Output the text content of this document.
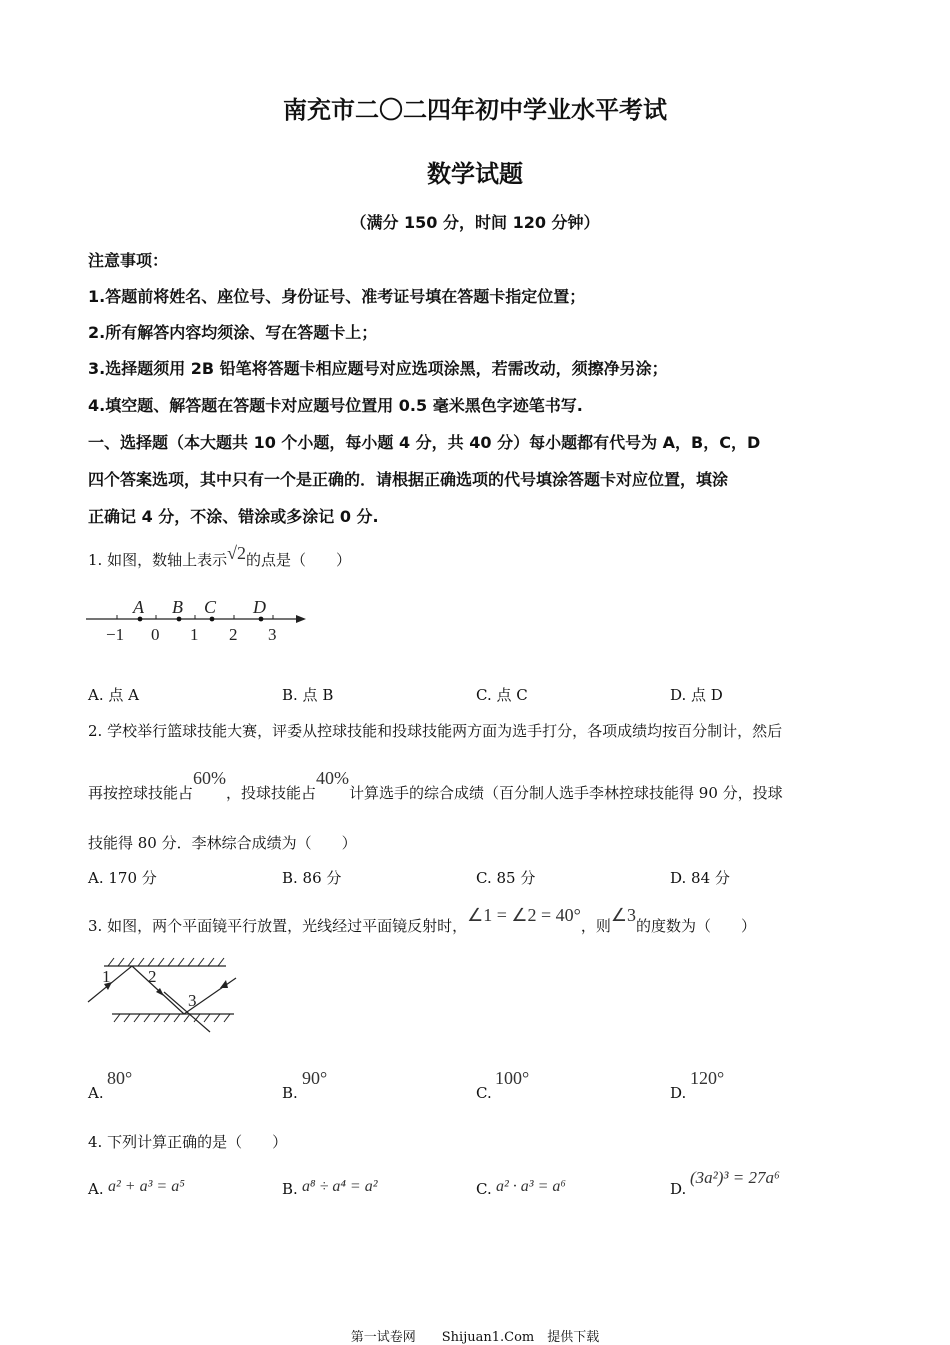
南充市二〇二四年初中学业水平考试
数学试题
（满分 150 分，时间 120 分钟）
注意事项：
1.答题前将姓名、座位号、身份证号、准考证号填在答题卡指定位置；
2.所有解答内容均须涂、写在答题卡上；
3.选择题须用 2B 铅笔将答题卡相应题号对应选项涂黑，若需改动，须擦净另涂；
4.填空题、解答题在答题卡对应题号位置用 0.5 毫米黑色字迹笔书写.
一、选择题（本大题共 10 个小题，每小题 4 分，共 40 分）每小题都有代号为 A，B，C，D
四个答案选项，其中只有一个是正确的．请根据正确选项的代号填涂答题卡对应位置，填涂
正确记 4 分，不涂、错涂或多涂记 0 分.
1. 如图，数轴上表示√2的点是（　　）
A B C D
−1 0 1 2 3
A. 点 A	B. 点 B	C. 点 C	D. 点 D
2. 学校举行篮球技能大赛，评委从控球技能和投球技能两方面为选手打分，各项成绩均按百分制计，然后
再按控球技能占60%，投球技能占40%计算选手的综合成绩（百分制人选手李林控球技能得 90 分，投球
技能得 80 分．李林综合成绩为（　　）
A. 170 分	B. 86 分	C. 85 分	D. 84 分
3. 如图，两个平面镜平行放置，光线经过平面镜反射时，∠1 = ∠2 = 40°，则∠3的度数为（　　）
1 2
3
A.
80°
B.
90°
C.
100°
D.
120°
4. 下列计算正确的是（　　）
A. a² + a³ = a⁵	B. a⁸ ÷ a⁴ = a²	C. a² · a³ = a⁶	D.
(3a²)³ = 27a⁶
第一试卷网　　Shijuan1.Com　提供下载
